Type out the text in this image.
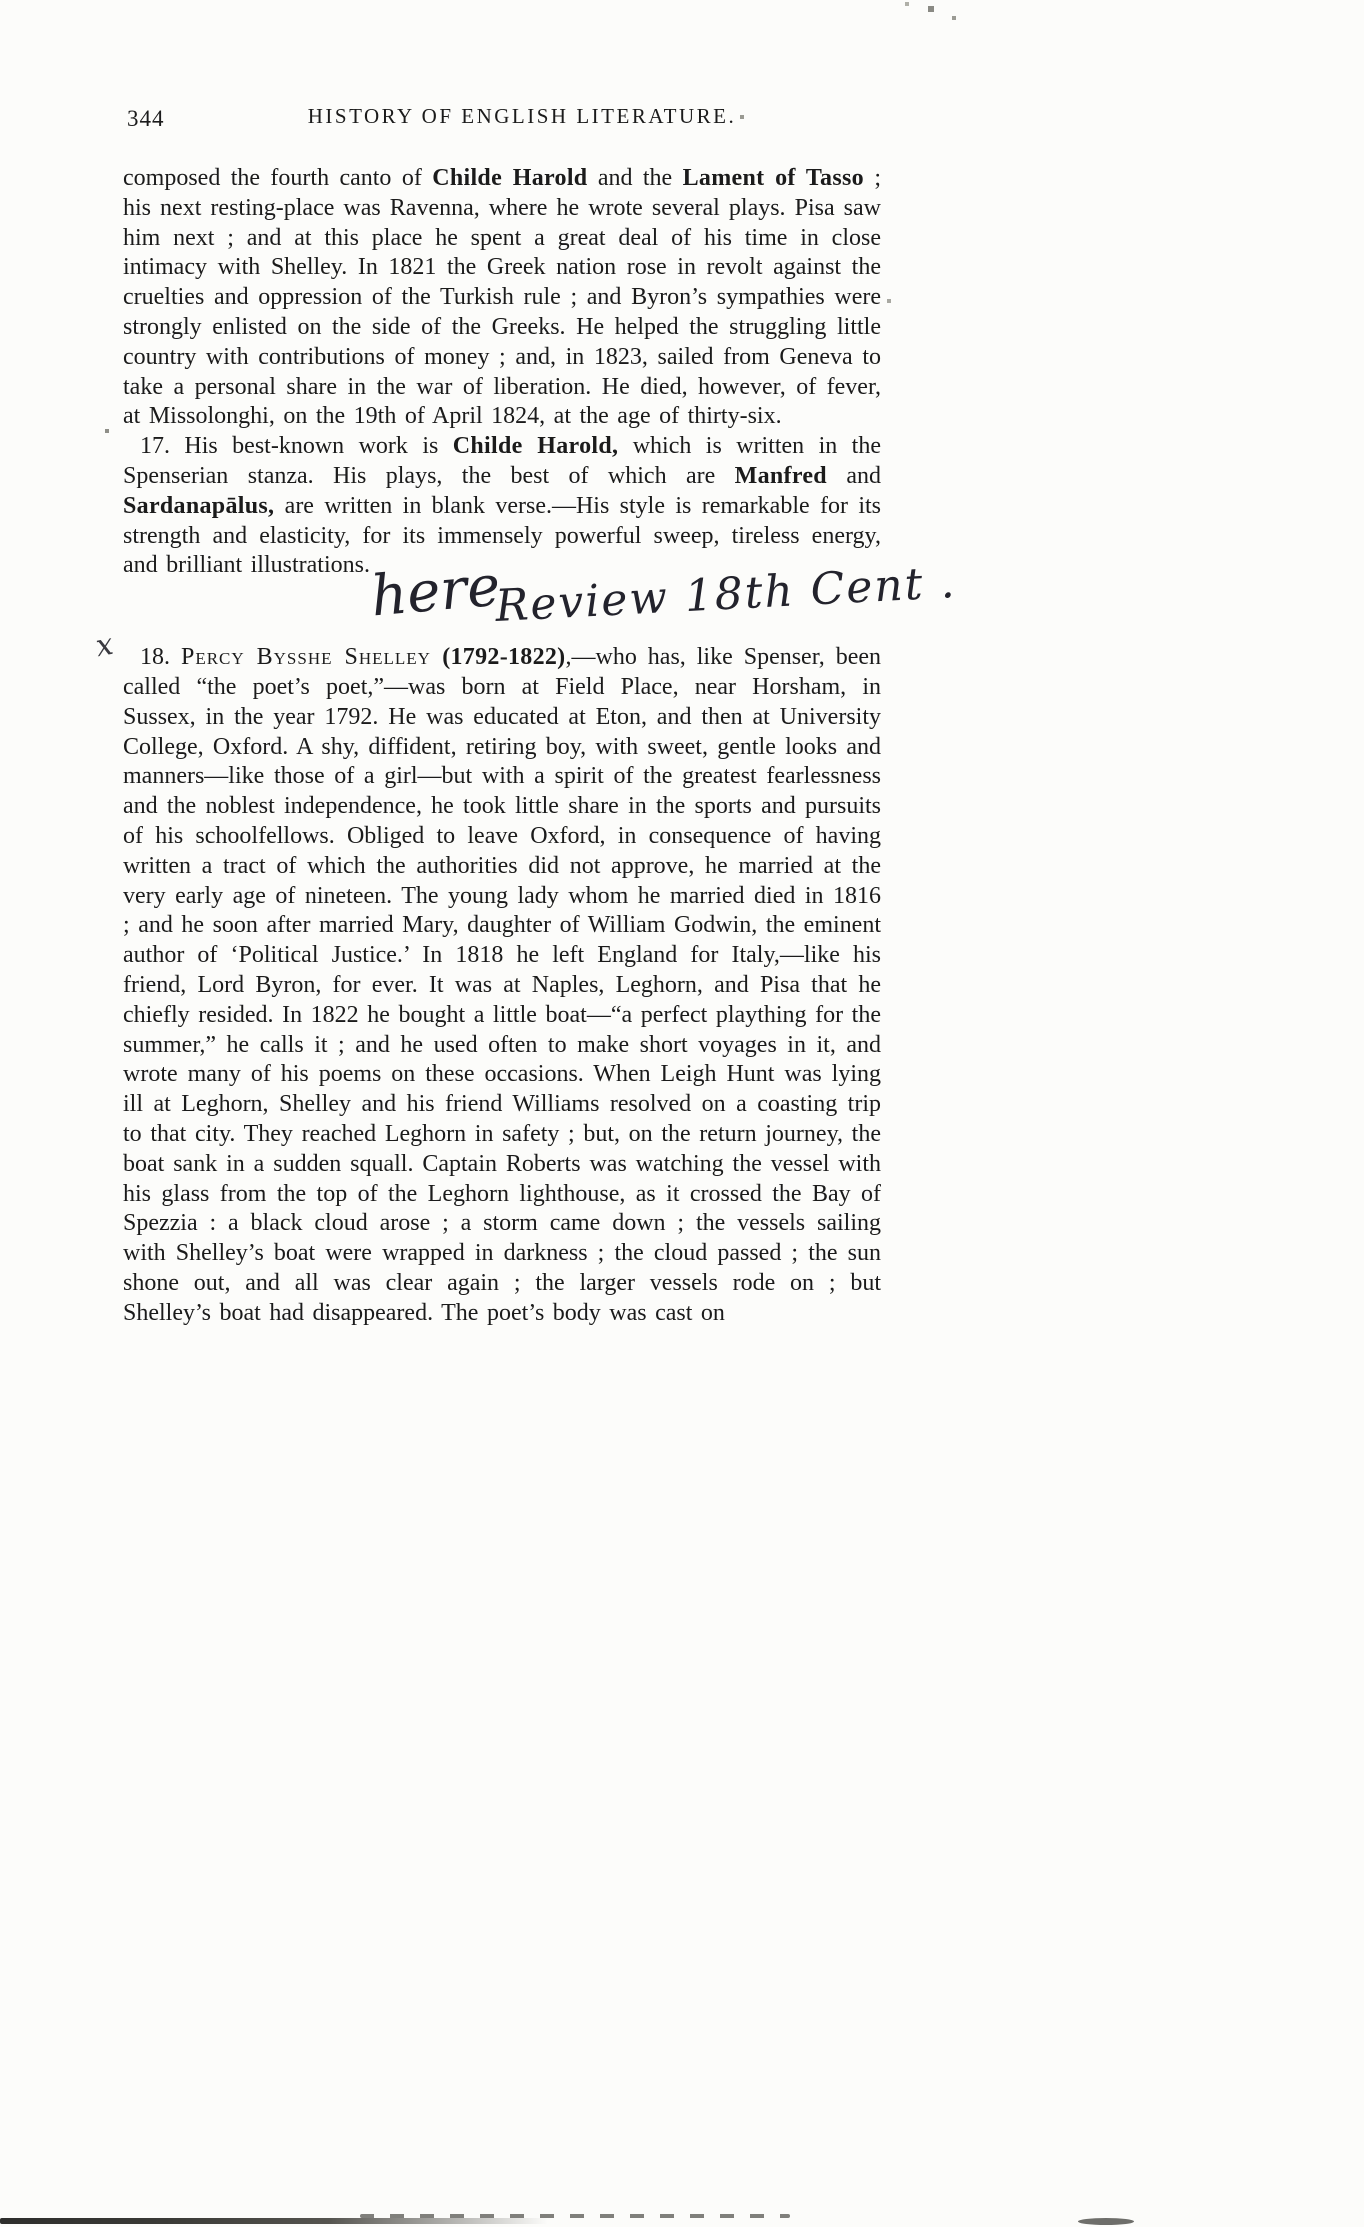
344	HISTORY OF ENGLISH LITERATURE.

composed the fourth canto of Childe Harold and the Lament of Tasso ; his next resting-place was Ravenna, where he wrote several plays. Pisa saw him next ; and at this place he spent a great deal of his time in close intimacy with Shelley. In 1821 the Greek nation rose in revolt against the cruelties and oppression of the Turkish rule ; and Byron’s sympathies were strongly enlisted on the side of the Greeks. He helped the struggling little country with contributions of money ; and, in 1823, sailed from Geneva to take a personal share in the war of liberation. He died, however, of fever, at Missolonghi, on the 19th of April 1824, at the age of thirty-six.

17. His best-known work is Childe Harold, which is written in the Spenserian stanza. His plays, the best of which are Manfred and Sardanapālus, are written in blank verse.—His style is remarkable for its strength and elasticity, for its immensely powerful sweep, tireless energy, and brilliant illustrations.

here
Review 18th Cent .

18. Percy Bysshe Shelley (1792-1822),—who has, like Spenser, been called “the poet’s poet,”—was born at Field Place, near Horsham, in Sussex, in the year 1792. He was educated at Eton, and then at University College, Oxford. A shy, diffident, retiring boy, with sweet, gentle looks and manners—like those of a girl—but with a spirit of the greatest fearlessness and the noblest independence, he took little share in the sports and pursuits of his schoolfellows. Obliged to leave Oxford, in consequence of having written a tract of which the authorities did not approve, he married at the very early age of nineteen. The young lady whom he married died in 1816 ; and he soon after married Mary, daughter of William Godwin, the eminent author of ‘Political Justice.’ In 1818 he left England for Italy,—like his friend, Lord Byron, for ever. It was at Naples, Leghorn, and Pisa that he chiefly resided. In 1822 he bought a little boat—“a perfect plaything for the summer,” he calls it ; and he used often to make short voyages in it, and wrote many of his poems on these occasions. When Leigh Hunt was lying ill at Leghorn, Shelley and his friend Williams resolved on a coasting trip to that city. They reached Leghorn in safety ; but, on the return journey, the boat sank in a sudden squall. Captain Roberts was watching the vessel with his glass from the top of the Leghorn lighthouse, as it crossed the Bay of Spezzia : a black cloud arose ; a storm came down ; the vessels sailing with Shelley’s boat were wrapped in darkness ; the cloud passed ; the sun shone out, and all was clear again ; the larger vessels rode on ; but Shelley’s boat had disappeared. The poet’s body was cast on

x
